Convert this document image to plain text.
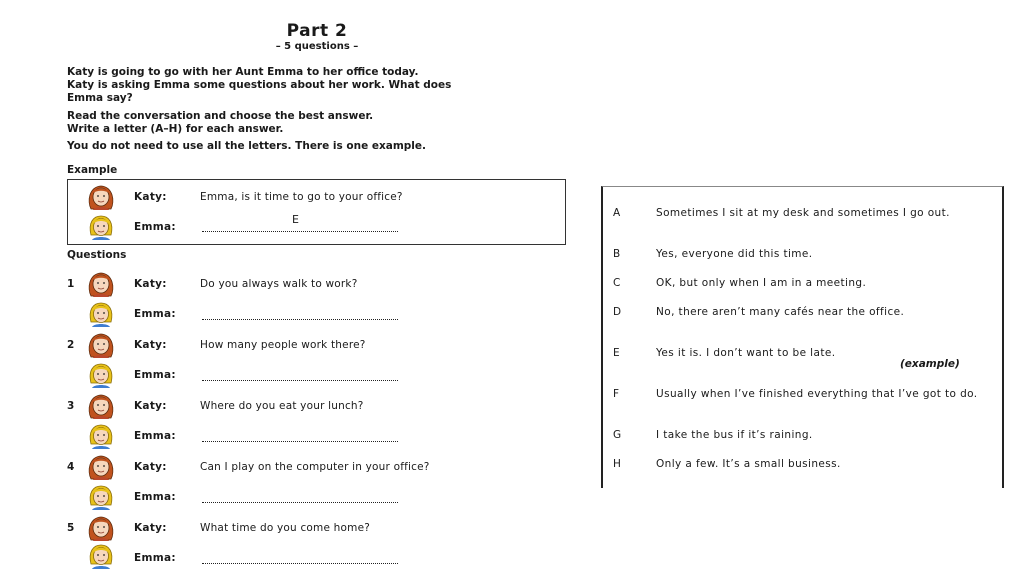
Part 2
– 5 questions –
Katy is going to go with her Aunt Emma to her office today.
Katy is asking Emma some questions about her work. What does
Emma say?
Read the conversation and choose the best answer.
Write a letter (A–H) for each answer.
You do not need to use all the letters. There is one example.
Example
Katy:	Emma, is it time to go to your office?
Emma:
E
Questions
1	Katy:	Do you always walk to work?
Emma:
2	Katy:	How many people work there?
Emma:
3	Katy:	Where do you eat your lunch?
Emma:
4	Katy:	Can I play on the computer in your office?
Emma:
5	Katy:	What time do you come home?
Emma:
A	Sometimes I sit at my desk and sometimes I go out.
B	Yes, everyone did this time.
C	OK, but only when I am in a meeting.
D	No, there aren’t many cafés near the office.
E	Yes it is. I don’t want to be late.
(example)
F	Usually when I’ve finished everything that I’ve got to do.
G	I take the bus if it’s raining.
H	Only a few. It’s a small business.
